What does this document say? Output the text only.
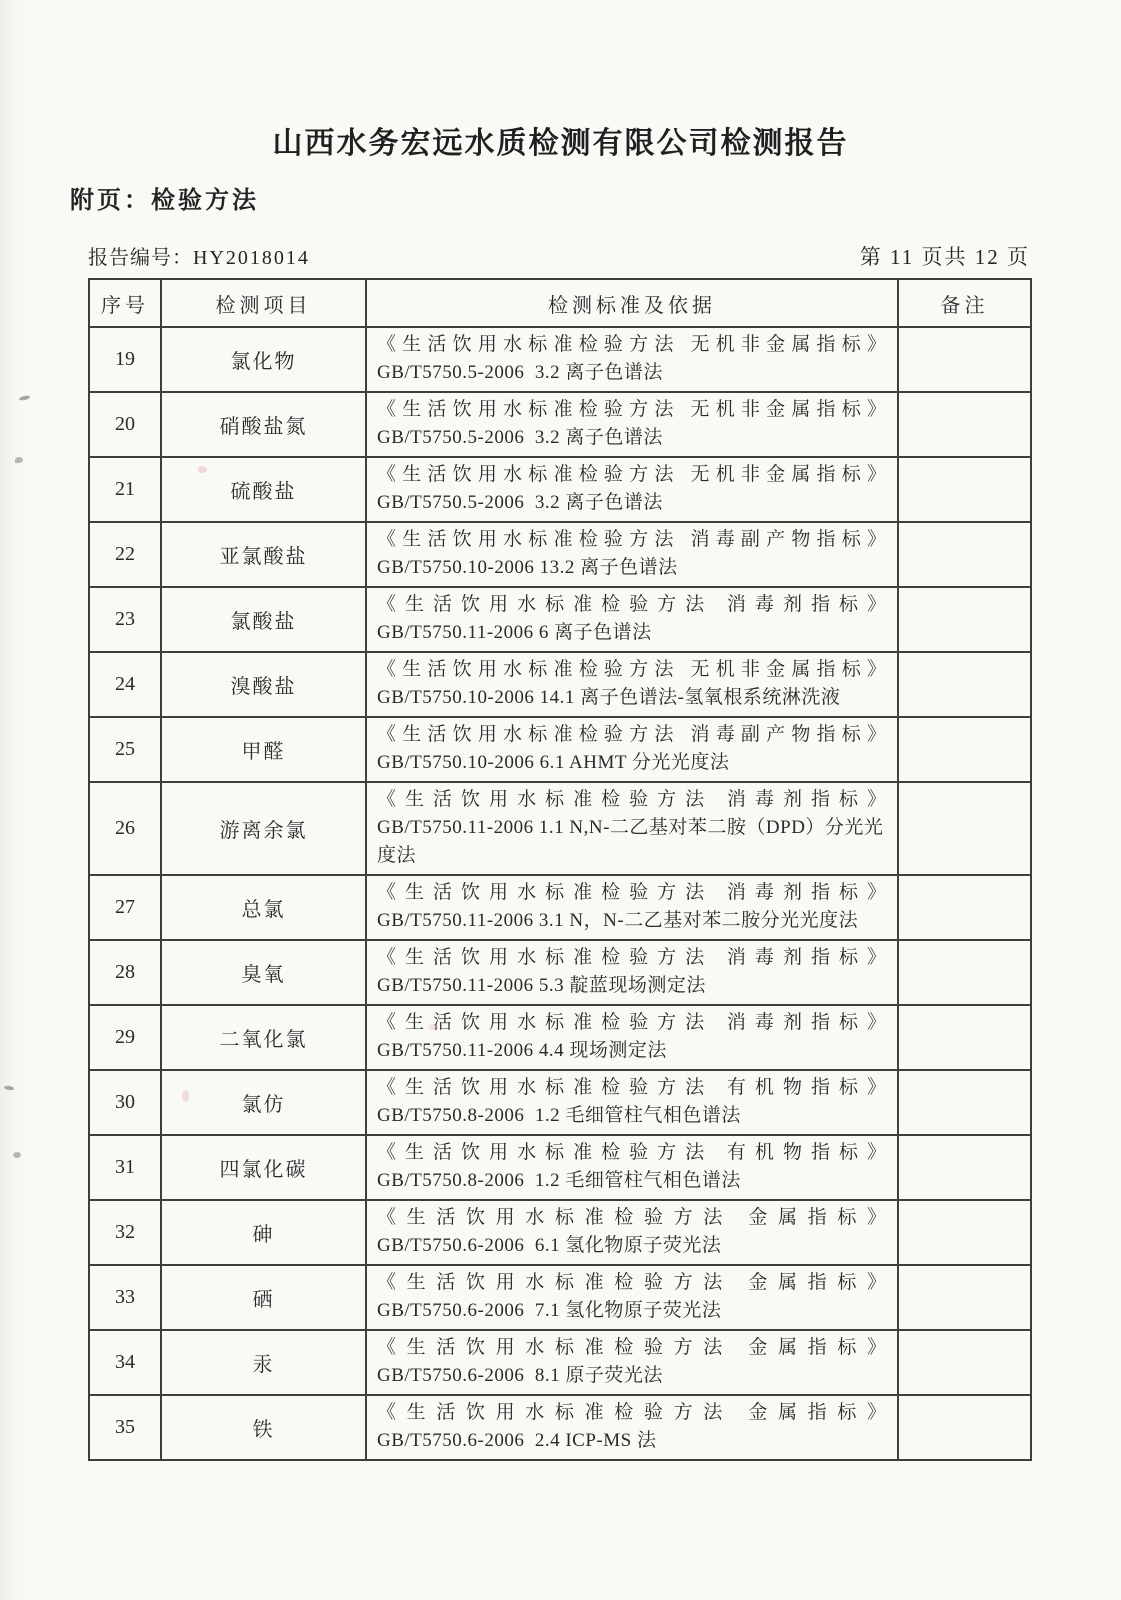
山西水务宏远水质检测有限公司检测报告
附页：检验方法
报告编号：HY2018014	第 11 页共 12 页
序号	检测项目	检测标准及依据	备注
19	氯化物	《生活饮用水标准检验方法 无机非金属指标》
GB/T5750.5-2006  3.2 离子色谱法	

20	硝酸盐氮	《生活饮用水标准检验方法 无机非金属指标》
GB/T5750.5-2006  3.2 离子色谱法	

21	硫酸盐	《生活饮用水标准检验方法 无机非金属指标》
GB/T5750.5-2006  3.2 离子色谱法	

22	亚氯酸盐	《生活饮用水标准检验方法 消毒副产物指标》
GB/T5750.10-2006 13.2 离子色谱法	

23	氯酸盐	《生活饮用水标准检验方法 消毒剂指标》
GB/T5750.11-2006 6 离子色谱法	

24	溴酸盐	《生活饮用水标准检验方法 无机非金属指标》
GB/T5750.10-2006 14.1 离子色谱法-氢氧根系统淋洗液	

25	甲醛	《生活饮用水标准检验方法 消毒副产物指标》
GB/T5750.10-2006 6.1 AHMT 分光光度法	

26	游离余氯	《生活饮用水标准检验方法 消毒剂指标》
GB/T5750.11-2006 1.1 N,N-二乙基对苯二胺（DPD）分光光度法	

27	总氯	《生活饮用水标准检验方法 消毒剂指标》
GB/T5750.11-2006 3.1 N，N-二乙基对苯二胺分光光度法	

28	臭氧	《生活饮用水标准检验方法 消毒剂指标》
GB/T5750.11-2006 5.3 靛蓝现场测定法	

29	二氧化氯	《生活饮用水标准检验方法 消毒剂指标》
GB/T5750.11-2006 4.4 现场测定法	

30	氯仿	《生活饮用水标准检验方法 有机物指标》
GB/T5750.8-2006  1.2 毛细管柱气相色谱法	

31	四氯化碳	《生活饮用水标准检验方法 有机物指标》
GB/T5750.8-2006  1.2 毛细管柱气相色谱法	

32	砷	《生活饮用水标准检验方法 金属指标》
GB/T5750.6-2006  6.1 氢化物原子荧光法	

33	硒	《生活饮用水标准检验方法 金属指标》
GB/T5750.6-2006  7.1 氢化物原子荧光法	

34	汞	《生活饮用水标准检验方法 金属指标》
GB/T5750.6-2006  8.1 原子荧光法	

35	铁	《生活饮用水标准检验方法 金属指标》
GB/T5750.6-2006  2.4 ICP-MS 法	
